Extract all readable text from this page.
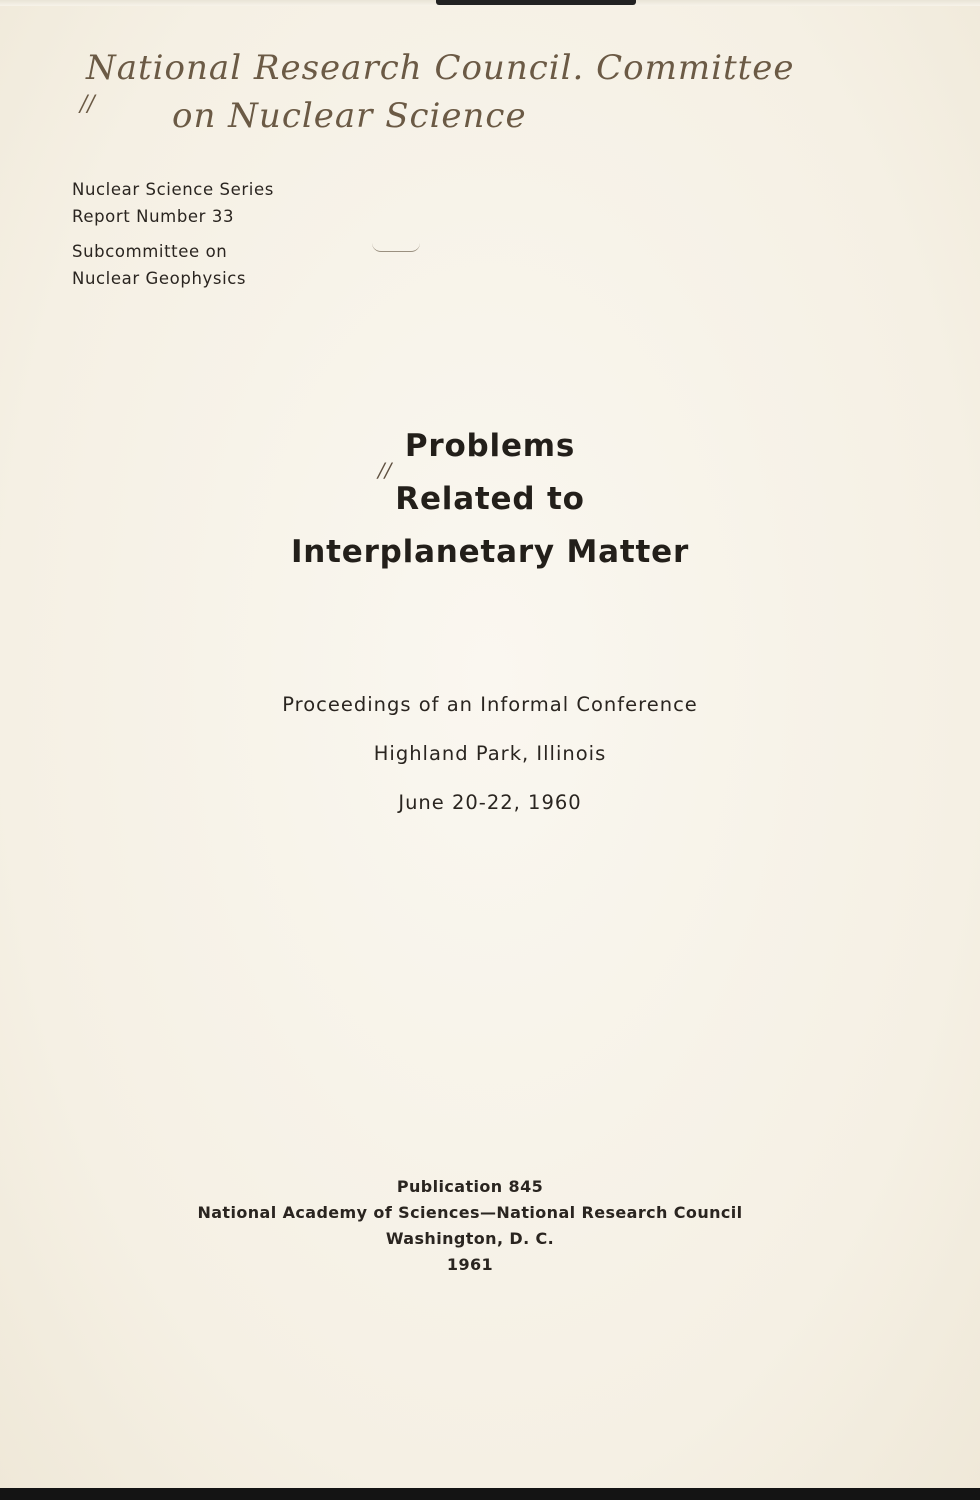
National Research Council. Committee
// on Nuclear Science
Nuclear Science Series
Report Number 33
Subcommittee on
Nuclear Geophysics
Problems
Related to
Interplanetary Matter
//
Proceedings of an Informal Conference
Highland Park, Illinois
June 20-22, 1960
Publication 845
National Academy of Sciences—National Research Council
Washington, D. C.
1961
